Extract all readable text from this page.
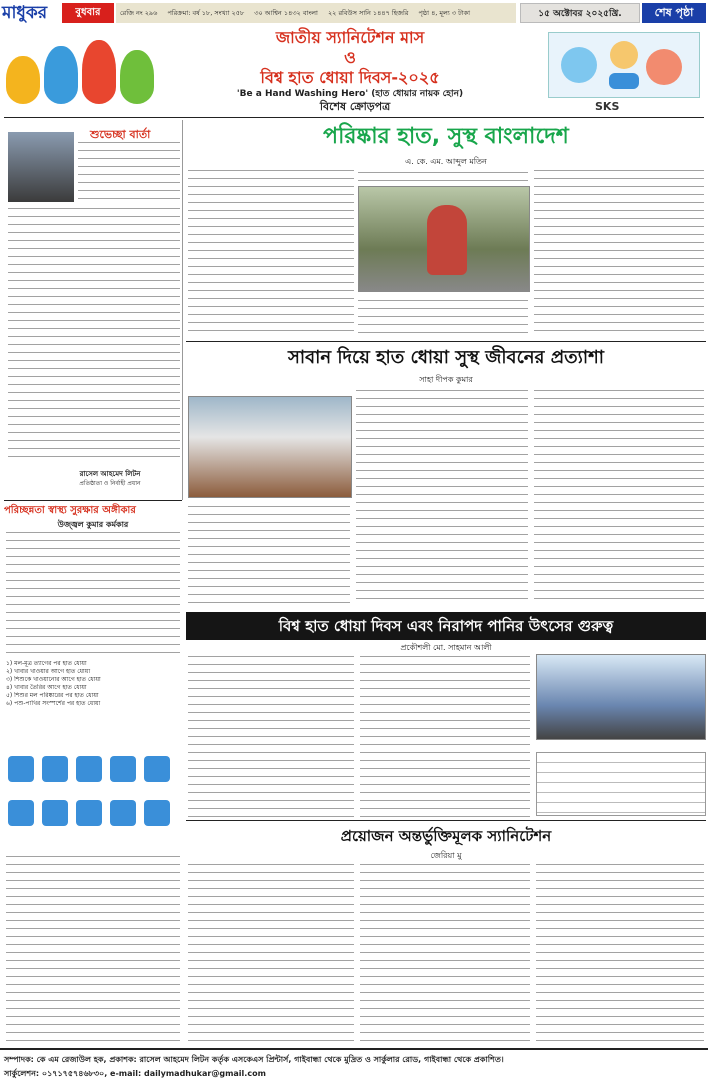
মাধুকর	বুধবার	রেজি নং ২৯৬ পরিক্রমা: বর্ষ ১৮, সংখ্যা ২৫৮ ৩০ আশ্বিন ১৪৩২ বাংলা ২২ রবিউস সানি ১৪৪৭ হিজরি পৃষ্ঠা ৪, মূল্য ৩ টাকা	১৫ অক্টোবর ২০২৫খ্রি.	শেষ পৃষ্ঠা
জাতীয় স্যানিটেশন মাস
ও
বিশ্ব হাত ধোয়া দিবস-২০২৫
'Be a Hand Washing Hero' (হাত ধোয়ার নায়ক হোন)
বিশেষ ক্রোড়পত্র	SKS
শুভেচ্ছা বার্তা
রাসেল আহমেদ লিটন
প্রতিষ্ঠাতা ও নির্বাহী প্রধান
পরিচ্ছন্নতা স্বাস্থ্য সুরক্ষার অঙ্গীকার
উজ্জ্বল কুমার কর্মকার
১) মল-মূত্র ত্যাগের পর হাত ধোয়া
২) খাবার খাওয়ার আগে হাত ধোয়া
৩) শিশুকে খাওয়ানোর আগে হাত ধোয়া
৪) খাবার তৈরির আগে হাত ধোয়া
৫) শিশুর মল পরিষ্কারের পর হাত ধোয়া
৬) পশু-পাখির সংস্পর্শের পর হাত ধোয়া
পরিষ্কার হাত, সুস্থ বাংলাদেশ
এ. কে. এম. আব্দুল মতিন
সাবান দিয়ে হাত ধোয়া সুস্থ জীবনের প্রত্যাশা
সাহা দীপক কুমার
বিশ্ব হাত ধোয়া দিবস এবং নিরাপদ পানির উৎসের গুরুত্ব
প্রকৌশলী মো. সাহমান আলী
প্রয়োজন অন্তর্ভুক্তিমূলক স্যানিটেশন
জেরিয়া মু
সম্পাদক: কে এম রেজাউল হক, প্রকাশক: রাসেল আহমেদ লিটন কর্তৃক এসকেএস প্রিন্টার্স, গাইবান্ধা থেকে মুদ্রিত ও সার্কুলার রোড, গাইবান্ধা থেকে প্রকাশিত।
সার্কুলেশন: ০১৭১৭৫৭৪৬৮৩০, e-mail: dailymadhukar@gmail.com
